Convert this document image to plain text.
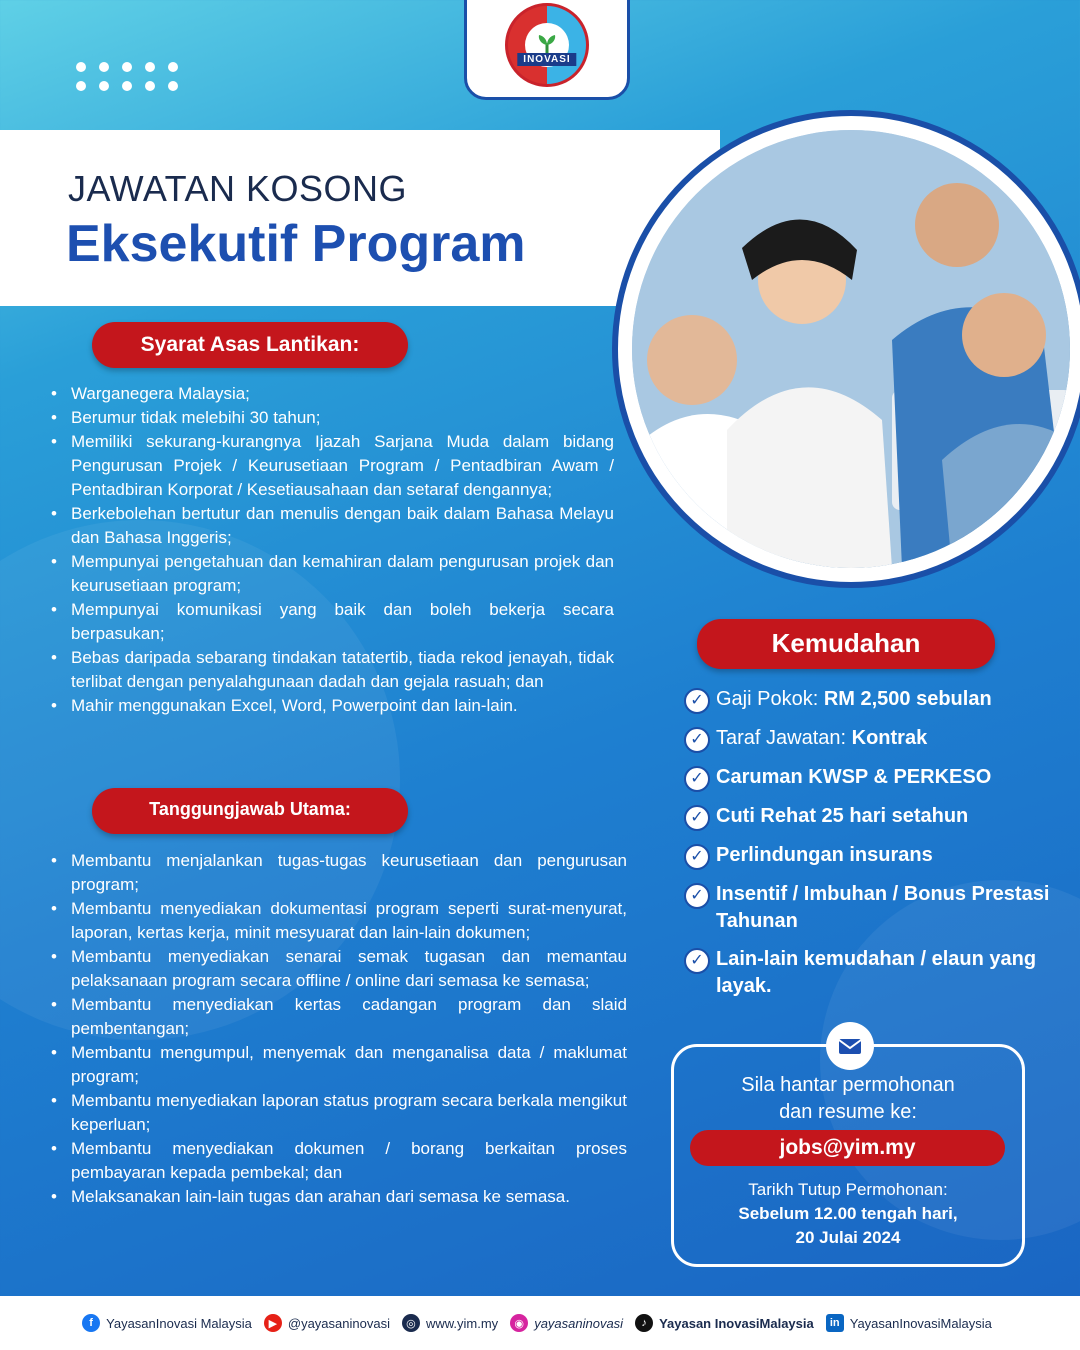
INOVASI
JAWATAN KOSONG
Eksekutif Program
Syarat Asas Lantikan:
• Warganegera Malaysia;
• Berumur tidak melebihi 30 tahun;
• Memiliki sekurang-kurangnya Ijazah Sarjana Muda dalam bidang Pengurusan Projek / Keurusetiaan Program / Pentadbiran Awam / Pentadbiran Korporat / Kesetiausahaan dan setaraf dengannya;
• Berkebolehan bertutur dan menulis dengan baik dalam Bahasa Melayu dan Bahasa Inggeris;
• Mempunyai pengetahuan dan kemahiran dalam pengurusan projek dan keurusetiaan program;
• Mempunyai komunikasi yang baik dan boleh bekerja secara berpasukan;
• Bebas daripada sebarang tindakan tatatertib, tiada rekod jenayah, tidak terlibat dengan penyalahgunaan dadah dan gejala rasuah; dan
• Mahir menggunakan Excel, Word, Powerpoint dan lain-lain.
Tanggungjawab Utama:
• Membantu menjalankan tugas-tugas keurusetiaan dan pengurusan program;
• Membantu menyediakan dokumentasi program seperti surat-menyurat, laporan, kertas kerja, minit mesyuarat dan lain-lain dokumen;
• Membantu menyediakan senarai semak tugasan dan memantau pelaksanaan program secara offline / online dari semasa ke semasa;
• Membantu menyediakan kertas cadangan program dan slaid pembentangan;
• Membantu mengumpul, menyemak dan menganalisa data / maklumat program;
• Membantu menyediakan laporan status program secara berkala mengikut keperluan;
• Membantu menyediakan dokumen / borang berkaitan proses pembayaran kepada pembekal; dan
• Melaksanakan lain-lain tugas dan arahan dari semasa ke semasa.
Kemudahan
✓ Gaji Pokok: RM 2,500 sebulan
✓ Taraf Jawatan: Kontrak
✓ Caruman KWSP & PERKESO
✓ Cuti Rehat 25 hari setahun
✓ Perlindungan insurans
✓ Insentif / Imbuhan / Bonus Prestasi Tahunan
✓ Lain-lain kemudahan / elaun yang layak.
Sila hantar permohonan
dan resume ke:
jobs@yim.my
Tarikh Tutup Permohonan:
Sebelum 12.00 tengah hari,
20 Julai 2024
f	YayasanInovasi Malaysia	▶ @yayasaninovasi	◎ www.yim.my	◉ yayasaninovasi	♪ Yayasan InovasiMalaysia	in YayasanInovasiMalaysia
